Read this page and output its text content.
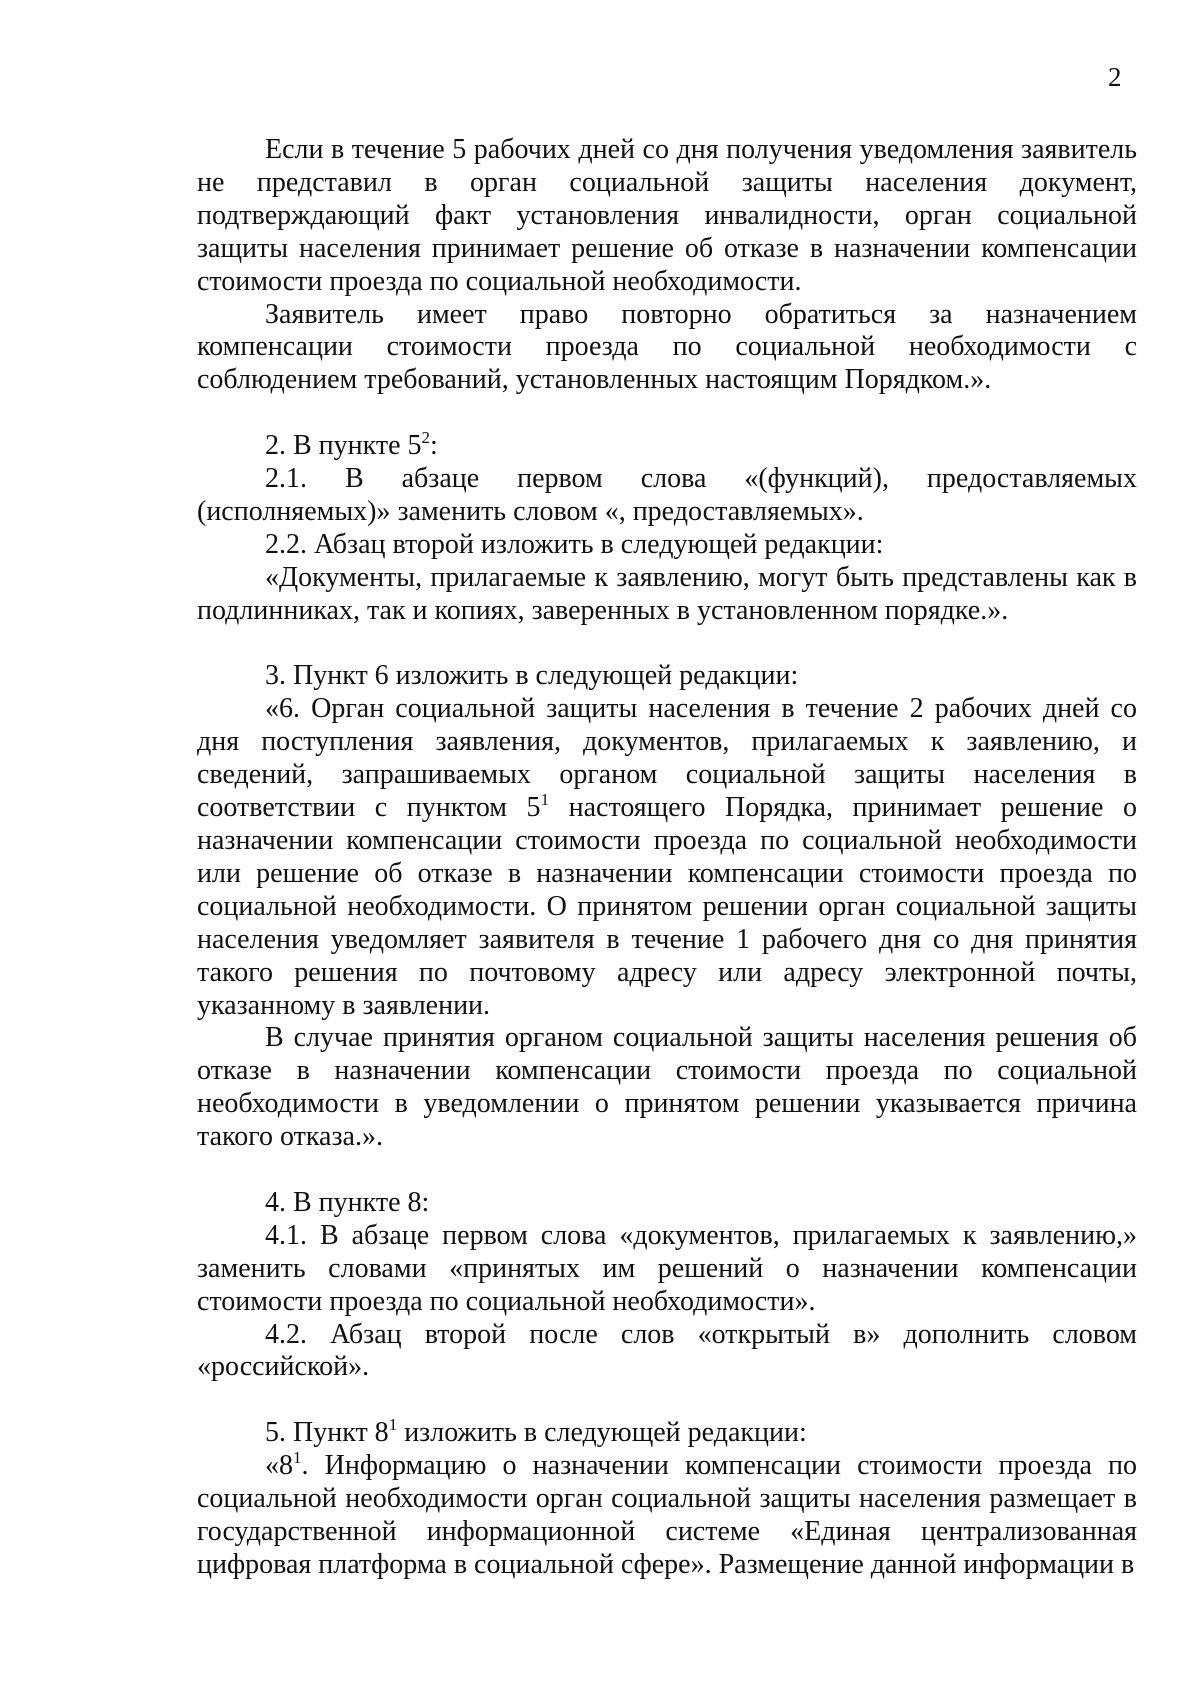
2

Если в течение 5 рабочих дней со дня получения уведомления заявитель не представил в орган социальной защиты населения документ, подтверждающий факт установления инвалидности, орган социальной защиты населения принимает решение об отказе в назначении компенсации стоимости проезда по социальной необходимости.

Заявитель имеет право повторно обратиться за назначением компенсации стоимости проезда по социальной необходимости с соблюдением требований, установленных настоящим Порядком.».

2. В пункте $5^2$:

2.1. В абзаце первом слова «(функций), предоставляемых (исполняемых)» заменить словом «, предоставляемых».

2.2. Абзац второй изложить в следующей редакции:

«Документы, прилагаемые к заявлению, могут быть представлены как в подлинниках, так и копиях, заверенных в установленном порядке.».

3. Пункт 6 изложить в следующей редакции:

«6. Орган социальной защиты населения в течение 2 рабочих дней со дня поступления заявления, документов, прилагаемых к заявлению, и сведений, запрашиваемых органом социальной защиты населения в соответствии с пунктом $5^1$ настоящего Порядка, принимает решение о назначении компенсации стоимости проезда по социальной необходимости или решение об отказе в назначении компенсации стоимости проезда по социальной необходимости. О принятом решении орган социальной защиты населения уведомляет заявителя в течение 1 рабочего дня со дня принятия такого решения по почтовому адресу или адресу электронной почты, указанному в заявлении.

В случае принятия органом социальной защиты населения решения об отказе в назначении компенсации стоимости проезда по социальной необходимости в уведомлении о принятом решении указывается причина такого отказа.».

4. В пункте 8:

4.1. В абзаце первом слова «документов, прилагаемых к заявлению,» заменить словами «принятых им решений о назначении компенсации стоимости проезда по социальной необходимости».

4.2. Абзац второй после слов «открытый в» дополнить словом «российской».

5. Пункт $8^1$ изложить в следующей редакции:

«$8^1$. Информацию о назначении компенсации стоимости проезда по социальной необходимости орган социальной защиты населения размещает в государственной информационной системе «Единая централизованная цифровая платформа в социальной сфере». Размещение данной информации в
